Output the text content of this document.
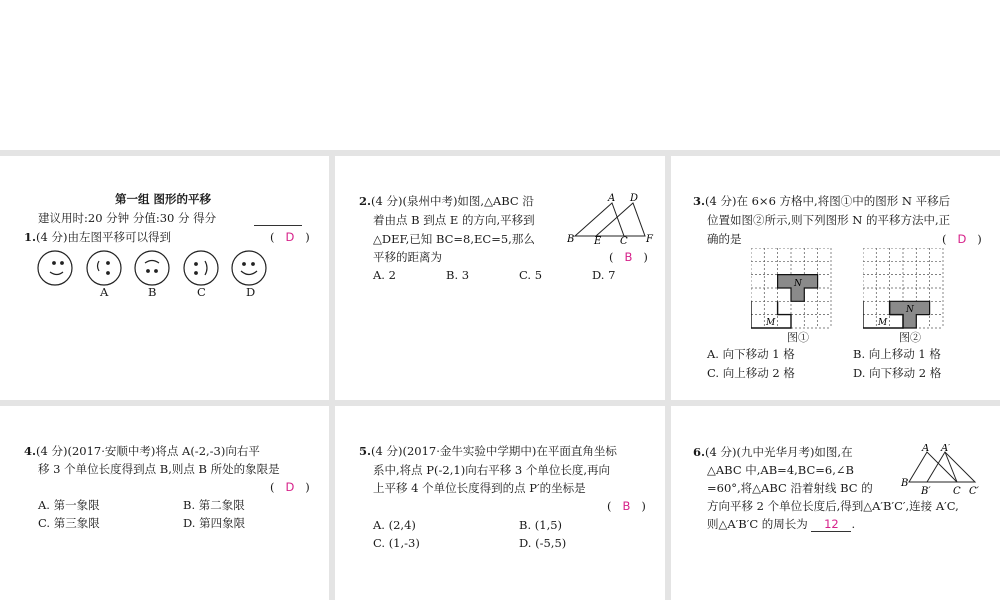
第一组 图形的平移
建议用时:20 分钟 分值:30 分 得分
1.(4 分)由左图平移可以得到	( D )
A	B	C	D
2.(4 分)(泉州中考)如图,△ABC 沿
着由点 B 到点 E 的方向,平移到
△DEF,已知 BC=8,EC=5,那么
平移的距离为	( B )
A D
B E C F
A. 2	B. 3	C. 5	D. 7
3.(4 分)在 6×6 方格中,将图①中的图形 N 平移后
位置如图②所示,则下列图形 N 的平移方法中,正
确的是	( D )
N
M
图①
N
M
图②
A. 向下移动 1 格	B. 向上移动 1 格
C. 向上移动 2 格	D. 向下移动 2 格
4.(4 分)(2017·安顺中考)将点 A(-2,-3)向右平
移 3 个单位长度得到点 B,则点 B 所处的象限是
( D )
A. 第一象限	B. 第二象限
C. 第三象限	D. 第四象限
5.(4 分)(2017·金牛实验中学期中)在平面直角坐标
系中,将点 P(-2,1)向右平移 3 个单位长度,再向
上平移 4 个单位长度得到的点 P′的坐标是
( B )
A. (2,4)	B. (1,5)
C. (1,-3)	D. (-5,5)
6.(4 分)(九中光华月考)如图,在
△ABC 中,AB=4,BC=6,∠B
=60°,将△ABC 沿着射线 BC 的
方向平移 2 个单位长度后,得到△A′B′C′,连接 A′C,
则△A′B′C 的周长为 12 .
A A′
B
B′ C C′
